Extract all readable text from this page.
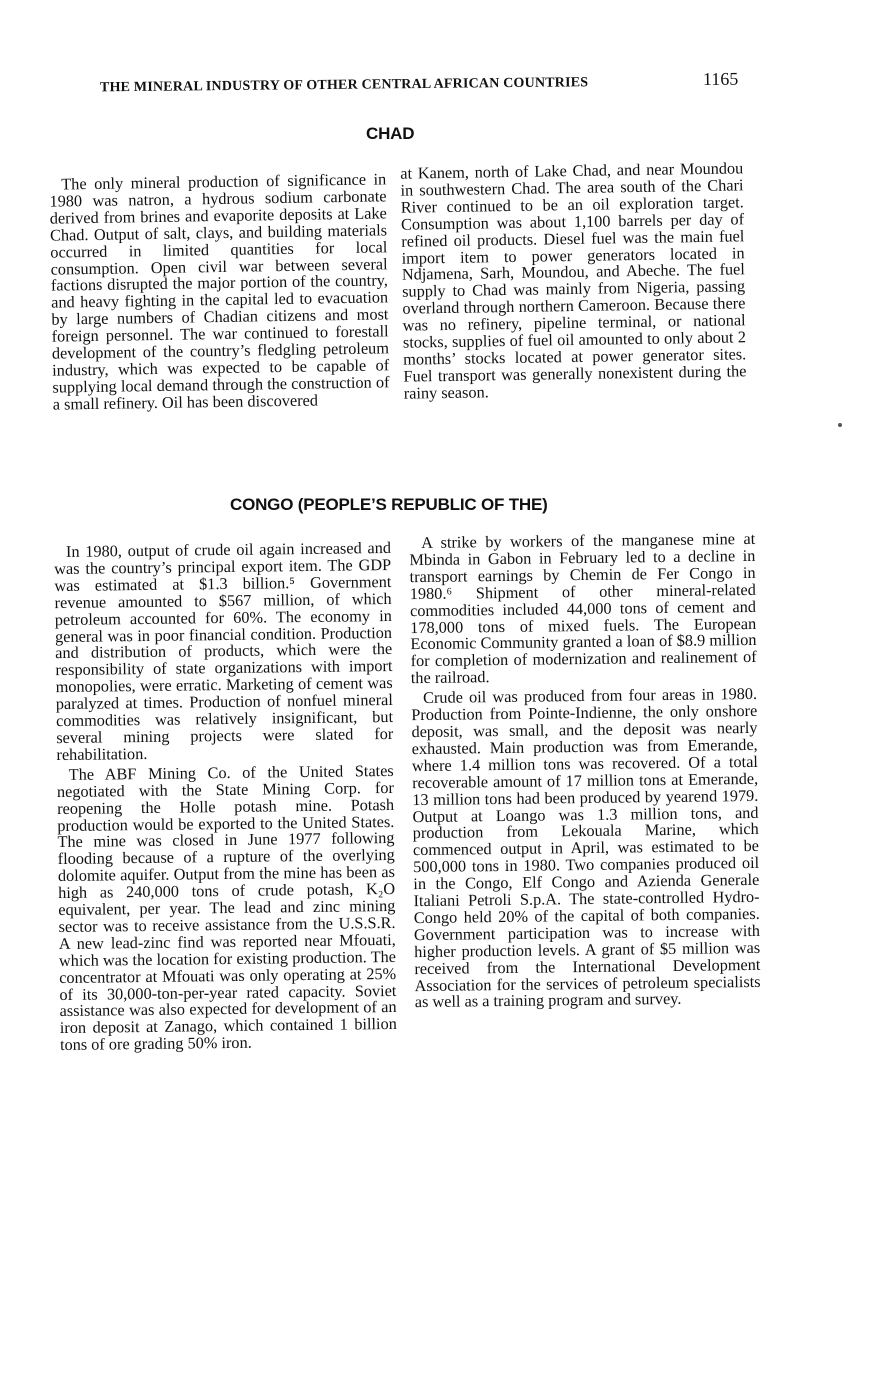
THE MINERAL INDUSTRY OF OTHER CENTRAL AFRICAN COUNTRIES	1165
CHAD

The only mineral production of significance in 1980 was natron, a hydrous sodium carbonate derived from brines and evaporite deposits at Lake Chad. Output of salt, clays, and building materials occurred in limited quantities for local consumption. Open civil war between several factions disrupted the major portion of the country, and heavy fighting in the capital led to evacuation by large numbers of Chadian citizens and most foreign personnel. The war continued to forestall development of the country’s fledgling petroleum industry, which was expected to be capable of supplying local demand through the construction of a small refinery. Oil has been discovered

at Kanem, north of Lake Chad, and near Moundou in southwestern Chad. The area south of the Chari River continued to be an oil exploration target. Consumption was about 1,100 barrels per day of refined oil products. Diesel fuel was the main fuel import item to power generators located in Ndjamena, Sarh, Moundou, and Abeche. The fuel supply to Chad was mainly from Nigeria, passing overland through northern Cameroon. Because there was no refinery, pipeline terminal, or national stocks, supplies of fuel oil amounted to only about 2 months’ stocks located at power generator sites. Fuel transport was generally nonexistent during the rainy season.

CONGO (PEOPLE’S REPUBLIC OF THE)

In 1980, output of crude oil again increased and was the country’s principal export item. The GDP was estimated at $1.3 billion.⁵ Government revenue amounted to $567 million, of which petroleum accounted for 60%. The economy in general was in poor financial condition. Production and distribution of products, which were the responsibility of state organizations with import monopolies, were erratic. Marketing of cement was paralyzed at times. Production of nonfuel mineral commodities was relatively insignificant, but several mining projects were slated for rehabilitation.

The ABF Mining Co. of the United States negotiated with the State Mining Corp. for reopening the Holle potash mine. Potash production would be exported to the United States. The mine was closed in June 1977 following flooding because of a rupture of the overlying dolomite aquifer. Output from the mine has been as high as 240,000 tons of crude potash, K₂O equivalent, per year. The lead and zinc mining sector was to receive assistance from the U.S.S.R. A new lead-zinc find was reported near Mfouati, which was the location for existing production. The concentrator at Mfouati was only operating at 25% of its 30,000-ton-per-year rated capacity. Soviet assistance was also expected for development of an iron deposit at Zanago, which contained 1 billion tons of ore grading 50% iron.

A strike by workers of the manganese mine at Mbinda in Gabon in February led to a decline in transport earnings by Chemin de Fer Congo in 1980.⁶ Shipment of other mineral-related commodities included 44,000 tons of cement and 178,000 tons of mixed fuels. The European Economic Community granted a loan of $8.9 million for completion of modernization and realinement of the railroad.

Crude oil was produced from four areas in 1980. Production from Pointe-Indienne, the only onshore deposit, was small, and the deposit was nearly exhausted. Main production was from Emerande, where 1.4 million tons was recovered. Of a total recoverable amount of 17 million tons at Emerande, 13 million tons had been produced by yearend 1979. Output at Loango was 1.3 million tons, and production from Lekouala Marine, which commenced output in April, was estimated to be 500,000 tons in 1980. Two companies produced oil in the Congo, Elf Congo and Azienda Generale Italiani Petroli S.p.A. The state-controlled Hydro-Congo held 20% of the capital of both companies. Government participation was to increase with higher production levels. A grant of $5 million was received from the International Development Association for the services of petroleum specialists as well as a training program and survey.
